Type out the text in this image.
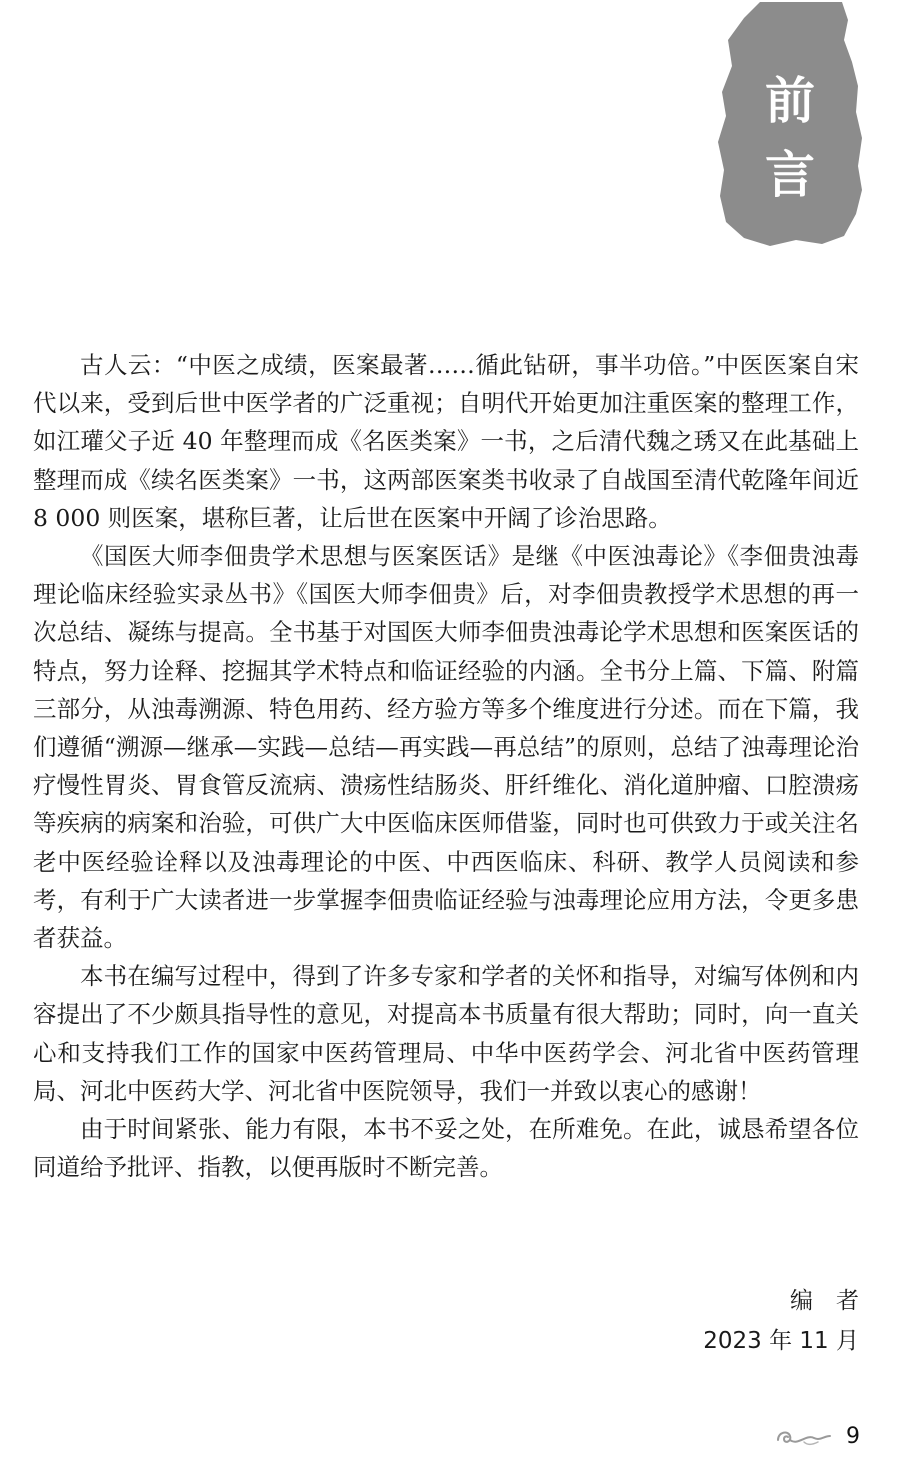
前
言

古人云：“中医之成绩，医案最著……循此钻研，事半功倍。”中医医案自宋代以来，受到后世中医学者的广泛重视；自明代开始更加注重医案的整理工作，如江瓘父子近 40 年整理而成《名医类案》一书，之后清代魏之琇又在此基础上整理而成《续名医类案》一书，这两部医案类书收录了自战国至清代乾隆年间近 8 000 则医案，堪称巨著，让后世在医案中开阔了诊治思路。

《国医大师李佃贵学术思想与医案医话》是继《中医浊毒论》《李佃贵浊毒理论临床经验实录丛书》《国医大师李佃贵》后，对李佃贵教授学术思想的再一次总结、凝练与提高。全书基于对国医大师李佃贵浊毒论学术思想和医案医话的特点，努力诠释、挖掘其学术特点和临证经验的内涵。全书分上篇、下篇、附篇三部分，从浊毒溯源、特色用药、经方验方等多个维度进行分述。而在下篇，我们遵循“溯源—继承—实践—总结—再实践—再总结”的原则，总结了浊毒理论治疗慢性胃炎、胃食管反流病、溃疡性结肠炎、肝纤维化、消化道肿瘤、口腔溃疡等疾病的病案和治验，可供广大中医临床医师借鉴，同时也可供致力于或关注名老中医经验诠释以及浊毒理论的中医、中西医临床、科研、教学人员阅读和参考，有利于广大读者进一步掌握李佃贵临证经验与浊毒理论应用方法，令更多患者获益。

本书在编写过程中，得到了许多专家和学者的关怀和指导，对编写体例和内容提出了不少颇具指导性的意见，对提高本书质量有很大帮助；同时，向一直关心和支持我们工作的国家中医药管理局、中华中医药学会、河北省中医药管理局、河北中医药大学、河北省中医院领导，我们一并致以衷心的感谢！

由于时间紧张、能力有限，本书不妥之处，在所难免。在此，诚恳希望各位同道给予批评、指教，以便再版时不断完善。

编　者
2023 年 11 月
9
